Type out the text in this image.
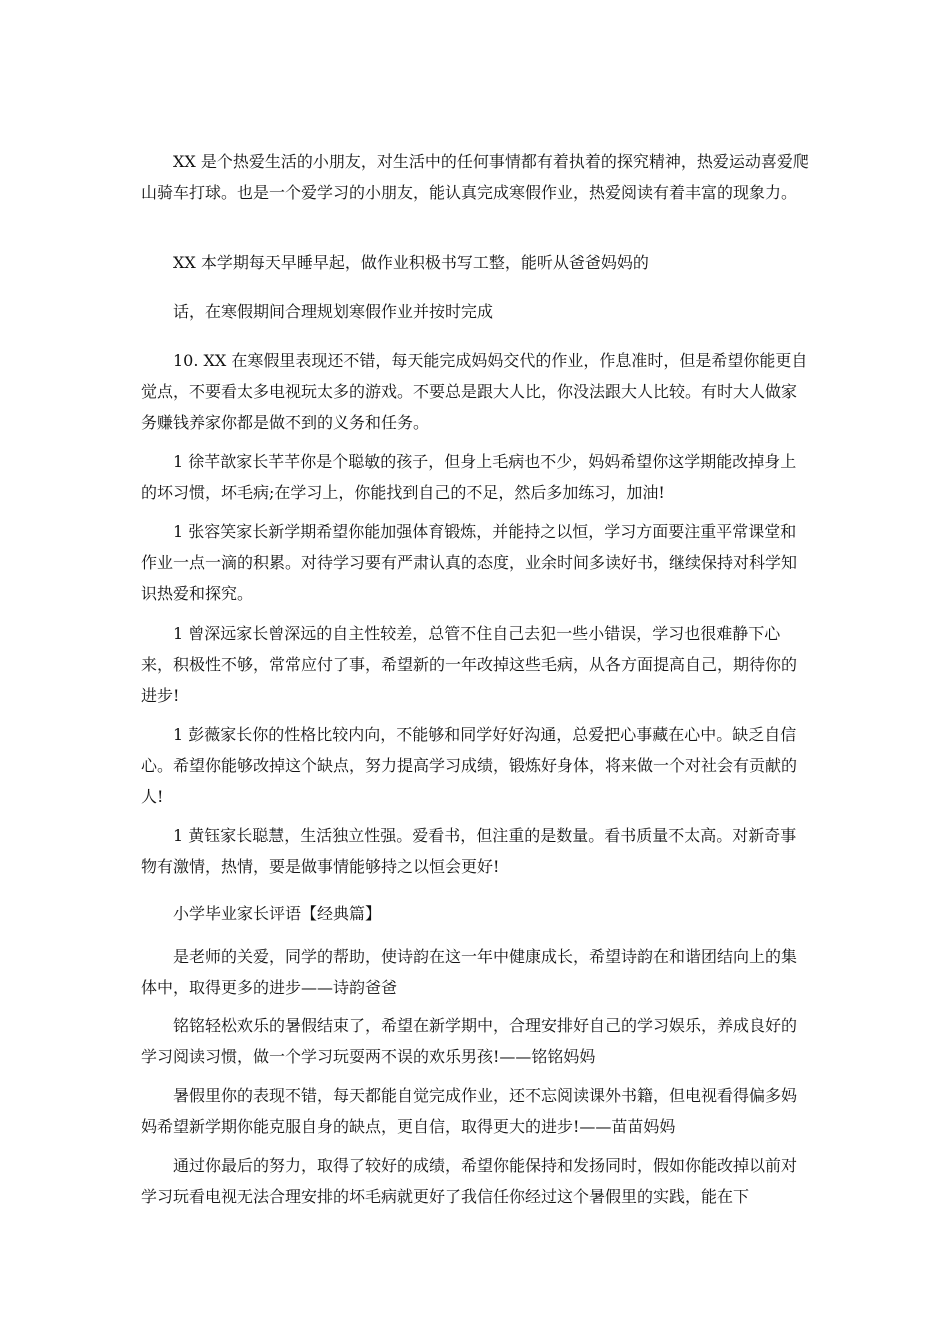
XX 是个热爱生活的小朋友，对生活中的任何事情都有着执着的探究精神，热爱运动喜爱爬山骑车打球。也是一个爱学习的小朋友，能认真完成寒假作业，热爱阅读有着丰富的现象力。

XX 本学期每天早睡早起，做作业积极书写工整，能听从爸爸妈妈的

话，在寒假期间合理规划寒假作业并按时完成

10. XX 在寒假里表现还不错，每天能完成妈妈交代的作业，作息准时，但是希望你能更自觉点，不要看太多电视玩太多的游戏。不要总是跟大人比，你没法跟大人比较。有时大人做家务赚钱养家你都是做不到的义务和任务。

1 徐芊歆家长芊芊你是个聪敏的孩子，但身上毛病也不少，妈妈希望你这学期能改掉身上的坏习惯，坏毛病;在学习上，你能找到自己的不足，然后多加练习，加油!

1 张容笑家长新学期希望你能加强体育锻炼，并能持之以恒，学习方面要注重平常课堂和作业一点一滴的积累。对待学习要有严肃认真的态度，业余时间多读好书，继续保持对科学知识热爱和探究。

1 曾深远家长曾深远的自主性较差，总管不住自己去犯一些小错误，学习也很难静下心来，积极性不够，常常应付了事，希望新的一年改掉这些毛病，从各方面提高自己，期待你的进步!

1 彭薇家长你的性格比较内向，不能够和同学好好沟通，总爱把心事藏在心中。缺乏自信心。希望你能够改掉这个缺点，努力提高学习成绩，锻炼好身体，将来做一个对社会有贡献的人!

1 黄钰家长聪慧，生活独立性强。爱看书，但注重的是数量。看书质量不太高。对新奇事物有激情，热情，要是做事情能够持之以恒会更好!

小学毕业家长评语【经典篇】

是老师的关爱，同学的帮助，使诗韵在这一年中健康成长，希望诗韵在和谐团结向上的集体中，取得更多的进步——诗韵爸爸

铭铭轻松欢乐的暑假结束了，希望在新学期中，合理安排好自己的学习娱乐，养成良好的学习阅读习惯，做一个学习玩耍两不误的欢乐男孩!——铭铭妈妈

暑假里你的表现不错，每天都能自觉完成作业，还不忘阅读课外书籍，但电视看得偏多妈妈希望新学期你能克服自身的缺点，更自信，取得更大的进步!——苗苗妈妈

通过你最后的努力，取得了较好的成绩，希望你能保持和发扬同时，假如你能改掉以前对学习玩看电视无法合理安排的坏毛病就更好了我信任你经过这个暑假里的实践，能在下
